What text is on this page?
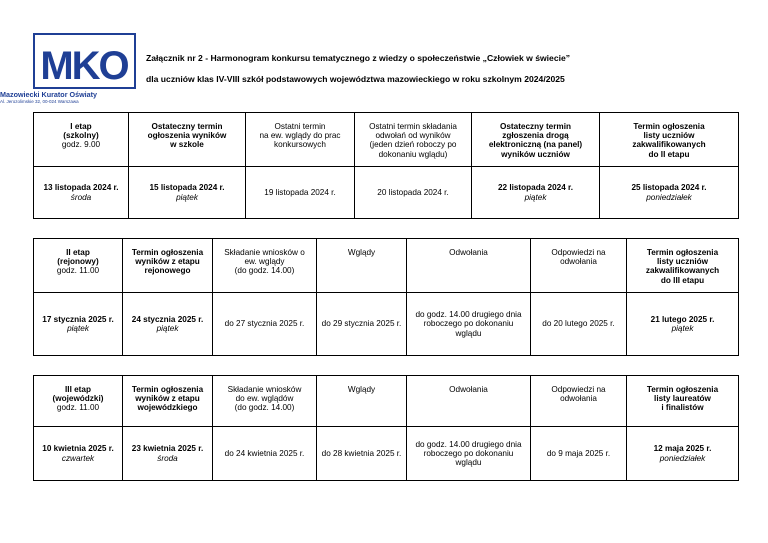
MKO
Mazowiecki Kurator Oświaty
Al. Jerozolimskie 32, 00-024 Warszawa
Załącznik nr 2 - Harmonogram konkursu tematycznego z wiedzy o społeczeństwie „Człowiek w świecie”
dla uczniów klas IV-VIII szkół podstawowych województwa mazowieckiego w roku szkolnym 2024/2025
I etap
(szkolny)
godz. 9.00	Ostateczny termin
ogłoszenia wyników
w szkole	Ostatni termin
na ew. wglądy do prac
konkursowych	Ostatni termin składania
odwołań od wyników
(jeden dzień roboczy po
dokonaniu wglądu)	Ostateczny termin
zgłoszenia drogą
elektroniczną (na panel)
wyników uczniów	Termin ogłoszenia
listy uczniów
zakwalifikowanych
do II etapu

13 listopada 2024 r.
środa	15 listopada 2024 r.
piątek	19 listopada 2024 r.	20 listopada 2024 r.	22 listopada 2024 r.
piątek	25 listopada 2024 r.
poniedziałek
II etap
(rejonowy)
godz. 11.00	Termin ogłoszenia
wyników z etapu
rejonowego	Składanie wniosków o
ew. wglądy
(do godz. 14.00)	Wglądy	Odwołania	Odpowiedzi na
odwołania	Termin ogłoszenia
listy uczniów
zakwalifikowanych
do III etapu

17 stycznia 2025 r.
piątek	24 stycznia 2025 r.
piątek	do 27 stycznia 2025 r.	do 29 stycznia 2025 r.	do godz. 14.00 drugiego dnia roboczego po dokonaniu wglądu	do 20 lutego 2025 r.	21 lutego 2025 r.
piątek
III etap
(wojewódzki)
godz. 11.00	Termin ogłoszenia
wyników z etapu
wojewódzkiego	Składanie wniosków
do ew. wglądów
(do godz. 14.00)	Wglądy	Odwołania	Odpowiedzi na
odwołania	Termin ogłoszenia
listy laureatów
i finalistów

10 kwietnia 2025 r.
czwartek	23 kwietnia 2025 r.
środa	do 24 kwietnia 2025 r.	do 28 kwietnia 2025 r.	do godz. 14.00 drugiego dnia roboczego po dokonaniu wglądu	do 9 maja 2025 r.	12 maja 2025 r.
poniedziałek
